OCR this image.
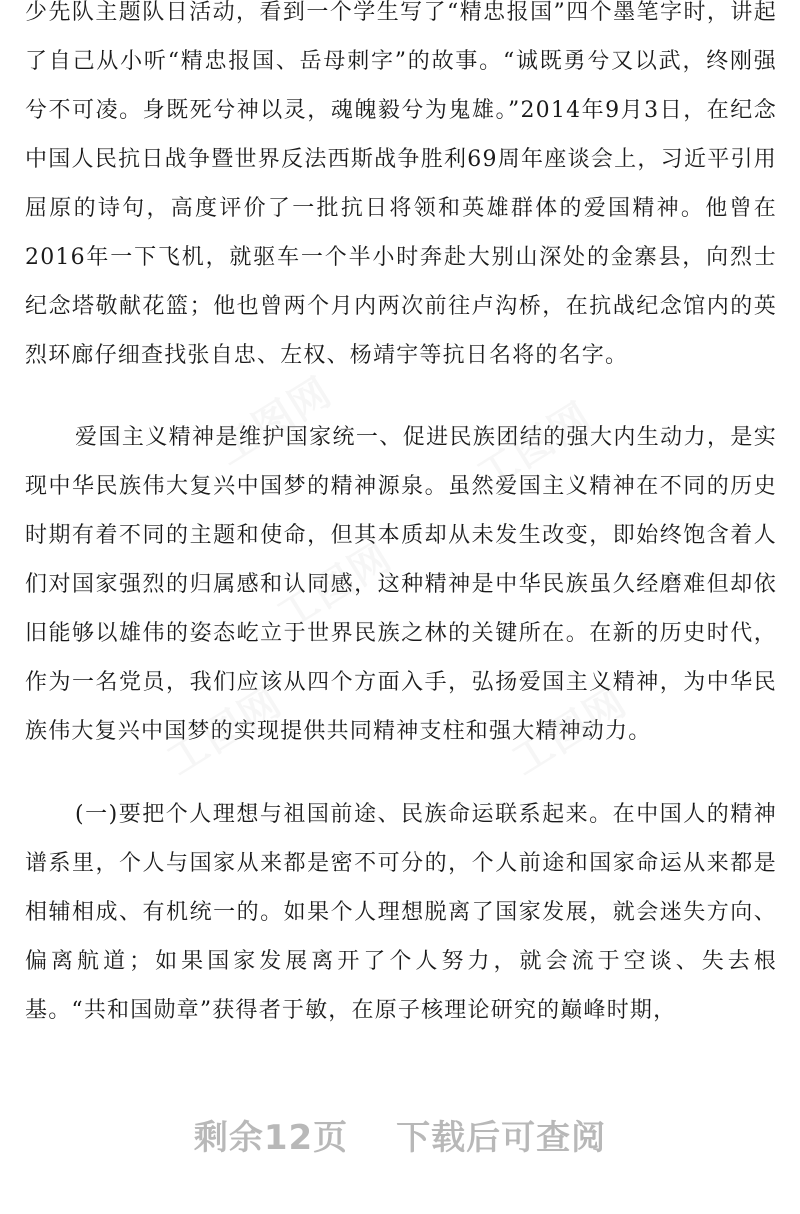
少先队主题队日活动，看到一个学生写了“精忠报国”四个墨笔字时，讲起了自己从小听“精忠报国、岳母刺字”的故事。“诚既勇兮又以武，终刚强兮不可凌。身既死兮神以灵，魂魄毅兮为鬼雄。”2014年9月3日，在纪念中国人民抗日战争暨世界反法西斯战争胜利69周年座谈会上，习近平引用屈原的诗句，高度评价了一批抗日将领和英雄群体的爱国精神。他曾在2016年一下飞机，就驱车一个半小时奔赴大别山深处的金寨县，向烈士纪念塔敬献花篮；他也曾两个月内两次前往卢沟桥，在抗战纪念馆内的英烈环廊仔细查找张自忠、左权、杨靖宇等抗日名将的名字。

爱国主义精神是维护国家统一、促进民族团结的强大内生动力，是实现中华民族伟大复兴中国梦的精神源泉。虽然爱国主义精神在不同的历史时期有着不同的主题和使命，但其本质却从未发生改变，即始终饱含着人们对国家强烈的归属感和认同感，这种精神是中华民族虽久经磨难但却依旧能够以雄伟的姿态屹立于世界民族之林的关键所在。在新的历史时代，作为一名党员，我们应该从四个方面入手，弘扬爱国主义精神，为中华民族伟大复兴中国梦的实现提供共同精神支柱和强大精神动力。

(一)要把个人理想与祖国前途、民族命运联系起来。在中国人的精神谱系里，个人与国家从来都是密不可分的，个人前途和国家命运从来都是相辅相成、有机统一的。如果个人理想脱离了国家发展，就会迷失方向、偏离航道；如果国家发展离开了个人努力，就会流于空谈、失去根基。“共和国勋章”获得者于敏，在原子核理论研究的巅峰时期，

工图网	工图网
工图网
工图网	工图网
剩余12页 下载后可查阅
